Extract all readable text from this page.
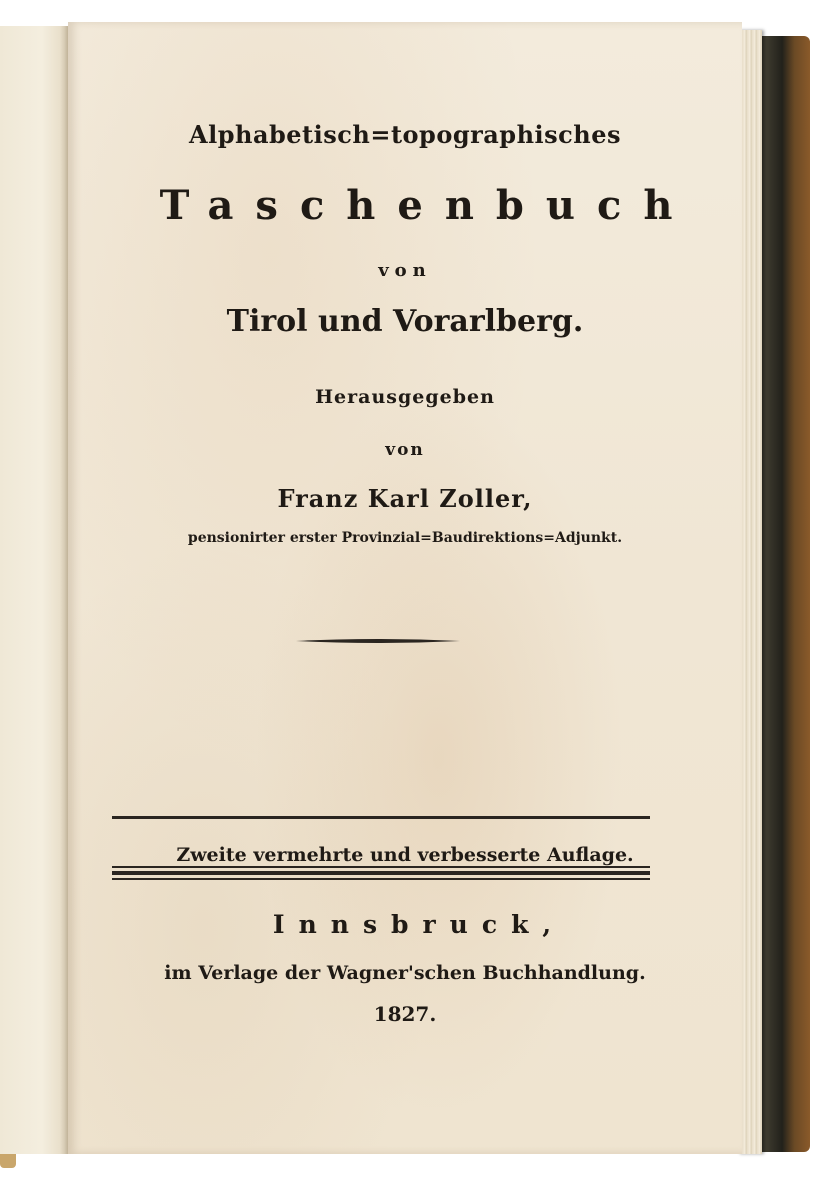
Alphabetisch=topographisches
Taschenbuch
von
Tirol und Vorarlberg.
Herausgegeben
von
Franz Karl Zoller,
pensionirter erster Provinzial=Baudirektions=Adjunkt.
Zweite vermehrte und verbesserte Auflage.
Innsbruck,
im Verlage der Wagner'schen Buchhandlung.
1827.
